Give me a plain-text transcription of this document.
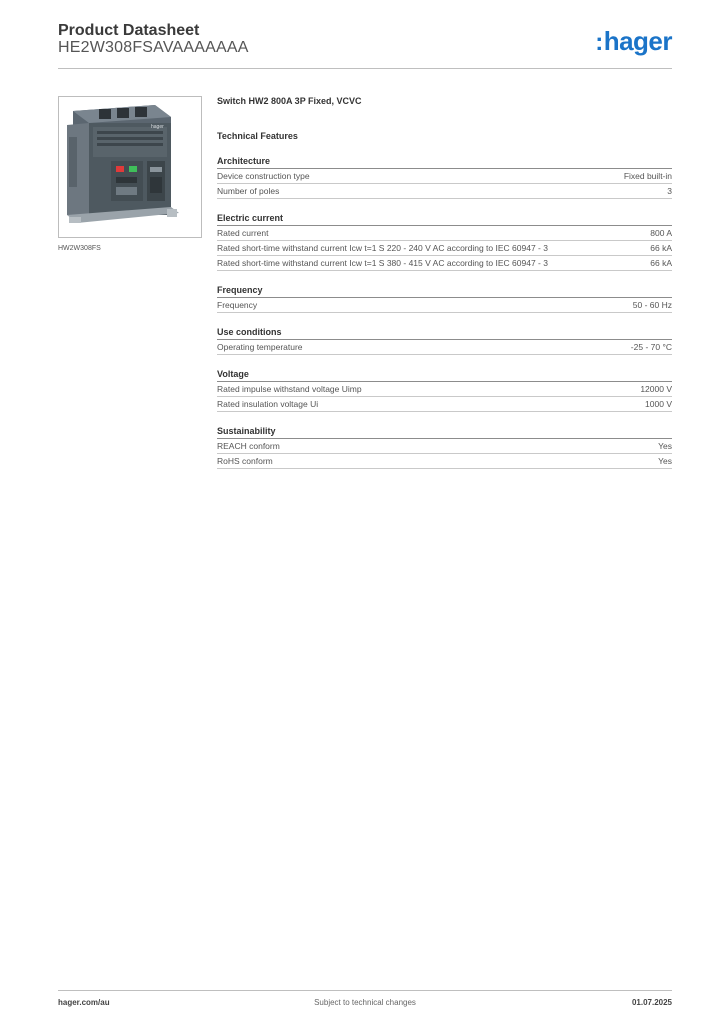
Product Datasheet
HE2W308FSAVAAAAAAA	:hager
hager
HW2W308FS
Switch HW2 800A 3P Fixed, VCVC
Technical Features
Architecture
Device construction type	Fixed built-in
Number of poles	3
Electric current
Rated current	800 A
Rated short-time withstand current Icw t=1 S 220 - 240 V AC according to IEC 60947 - 3	66 kA
Rated short-time withstand current Icw t=1 S 380 - 415 V AC according to IEC 60947 - 3	66 kA
Frequency
Frequency	50 - 60 Hz
Use conditions
Operating temperature	-25 - 70 °C
Voltage
Rated impulse withstand voltage Uimp	12000 V
Rated insulation voltage Ui	1000 V
Sustainability
REACH conform	Yes
RoHS conform	Yes
hager.com/au	Subject to technical changes	01.07.2025
